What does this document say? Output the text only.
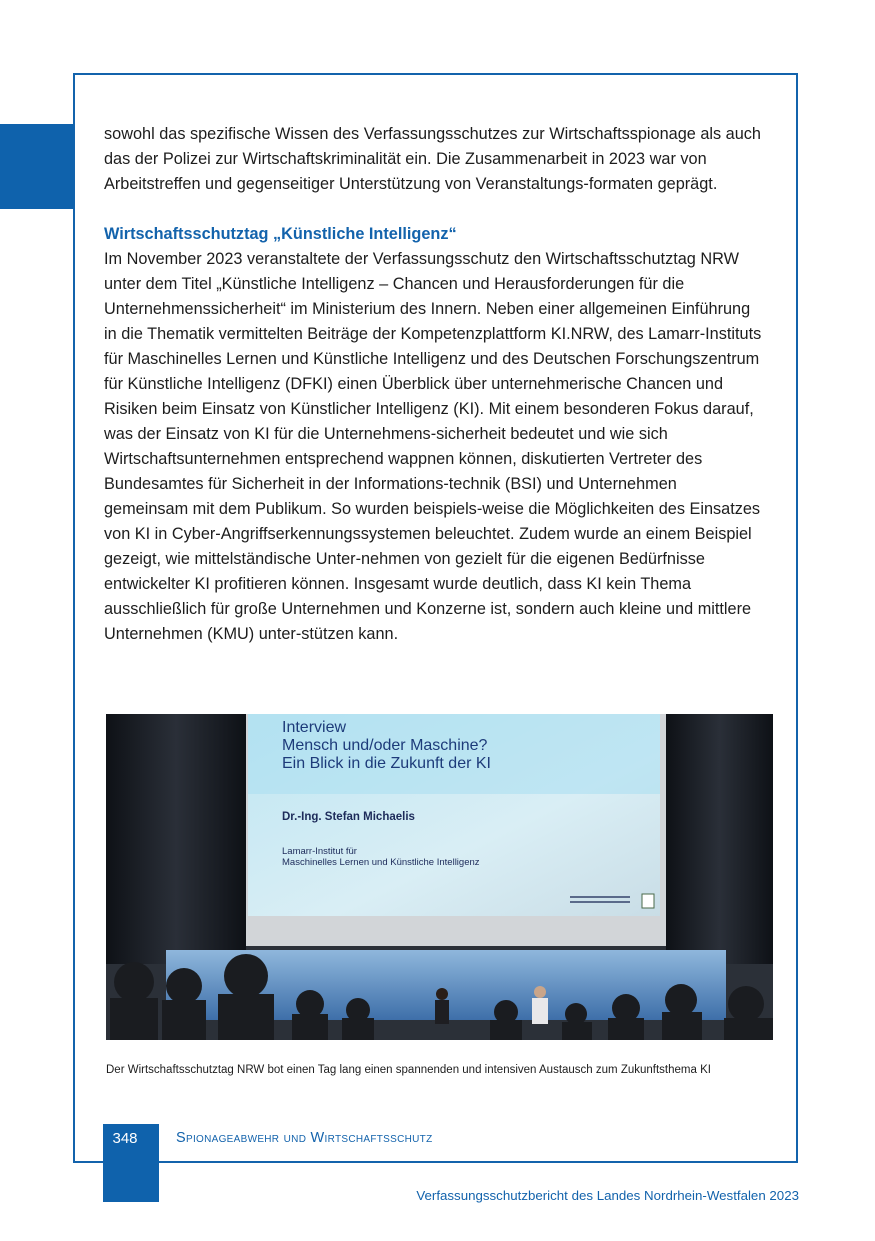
sowohl das spezifische Wissen des Verfassungsschutzes zur Wirtschaftsspionage als auch das der Polizei zur Wirtschaftskriminalität ein. Die Zusammenarbeit in 2023 war von Arbeitstreffen und gegenseitiger Unterstützung von Veranstaltungs-formaten geprägt.

Wirtschaftsschutztag „Künstliche Intelligenz“

Im November 2023 veranstaltete der Verfassungsschutz den Wirtschaftsschutztag NRW unter dem Titel „Künstliche Intelligenz – Chancen und Herausforderungen für die Unternehmenssicherheit“ im Ministerium des Innern. Neben einer allgemeinen Einführung in die Thematik vermittelten Beiträge der Kompetenzplattform KI.NRW, des Lamarr-Instituts für Maschinelles Lernen und Künstliche Intelligenz und des Deutschen Forschungszentrum für Künstliche Intelligenz (DFKI) einen Überblick über unternehmerische Chancen und Risiken beim Einsatz von Künstlicher Intelligenz (KI). Mit einem besonderen Fokus darauf, was der Einsatz von KI für die Unternehmens-sicherheit bedeutet und wie sich Wirtschaftsunternehmen entsprechend wappnen können, diskutierten Vertreter des Bundesamtes für Sicherheit in der Informations-technik (BSI) und Unternehmen gemeinsam mit dem Publikum. So wurden beispiels-weise die Möglichkeiten des Einsatzes von KI in Cyber-Angriffserkennungssystemen beleuchtet. Zudem wurde an einem Beispiel gezeigt, wie mittelständische Unter-nehmen von gezielt für die eigenen Bedürfnisse entwickelter KI profitieren können. Insgesamt wurde deutlich, dass KI kein Thema ausschließlich für große Unternehmen und Konzerne ist, sondern auch kleine und mittlere Unternehmen (KMU) unter-stützen kann.

Interview
Mensch und/oder Maschine?
Ein Blick in die Zukunft der KI
Dr.-Ing. Stefan Michaelis
Lamarr-Institut für
Maschinelles Lernen und Künstliche Intelligenz
Der Wirtschaftsschutztag NRW bot einen Tag lang einen spannenden und intensiven Austausch zum Zukunftsthema KI
348	Spionageabwehr und Wirtschaftsschutz
Verfassungsschutzbericht des Landes Nordrhein-Westfalen 2023
